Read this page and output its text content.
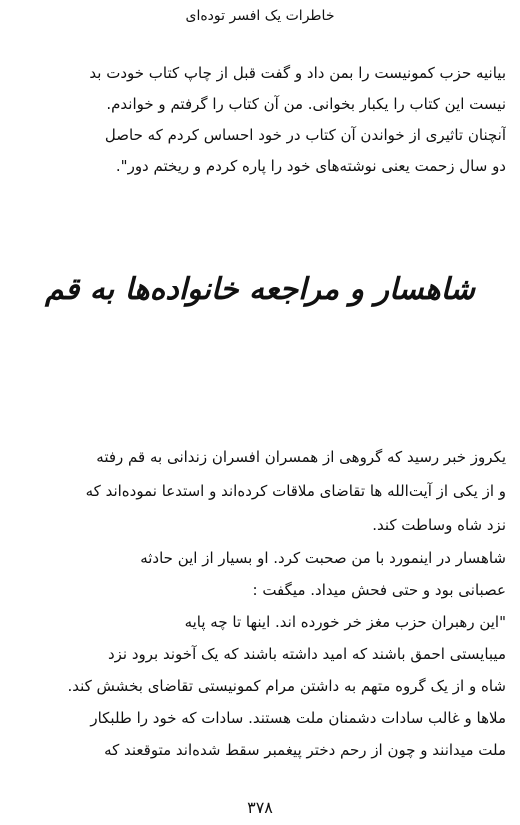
خاطرات یک افسر توده‌ای
بیانیه حزب کمونیست را بمن داد و گفت قبل از چاپ کتاب خودت بد
نیست این کتاب را یکبار بخوانی. من آن کتاب را گرفتم و خواندم.
آنچنان تاثیری از خواندن آن کتاب در خود احساس کردم که حاصل
دو سال زحمت یعنی نوشته‌های خود را پاره کردم و ریختم دور".
شاهسار و مراجعه خانواده‌ها به قم
یکروز خبر رسید که گروهی از همسران افسران زندانی به قم رفته
و از یکی از آیت‌الله ها تقاضای ملاقات کرده‌اند و استدعا نموده‌اند که
نزد شاه وساطت کند.
شاهسار در اینمورد با من صحبت کرد. او بسیار از این حادثه
عصبانی بود و حتی فحش میداد. میگفت :
"این رهبران حزب مغز خر خورده اند. اینها تا چه پایه
میبایستی احمق باشند که امید داشته باشند که یک آخوند برود نزد
شاه و از یک گروه متهم به داشتن مرام کمونیستی تقاضای بخشش کند.
ملاها و غالب سادات دشمنان ملت هستند. سادات که خود را طلبکار
ملت میدانند و چون از رحم دختر پیغمبر سقط شده‌اند متوقعند که
۳۷۸
